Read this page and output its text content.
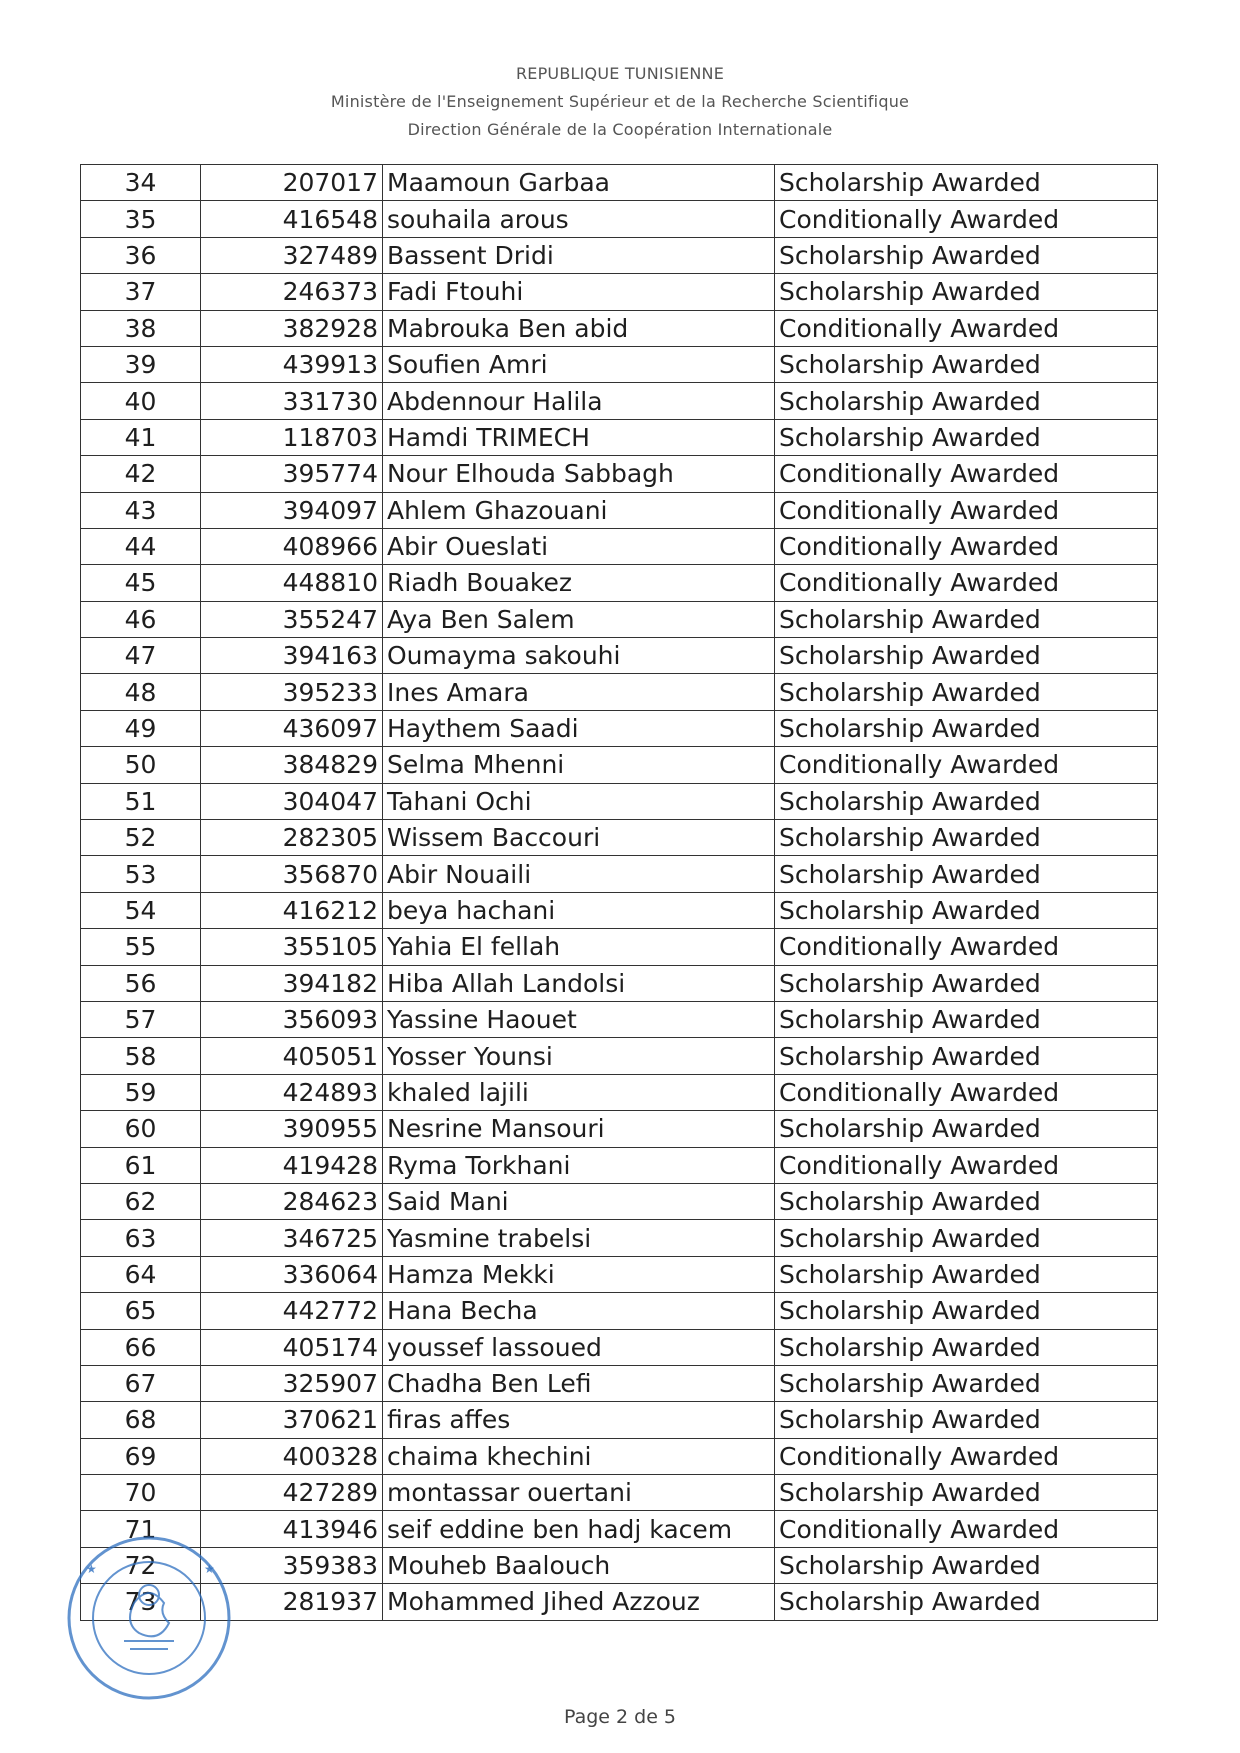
REPUBLIQUE TUNISIENNE
Ministère de l'Enseignement Supérieur et de la Recherche Scientifique
Direction Générale de la Coopération Internationale
34	207017	Maamoun Garbaa	Scholarship Awarded
35	416548	souhaila arous	Conditionally Awarded
36	327489	Bassent Dridi	Scholarship Awarded
37	246373	Fadi Ftouhi	Scholarship Awarded
38	382928	Mabrouka Ben abid	Conditionally Awarded
39	439913	Soufien Amri	Scholarship Awarded
40	331730	Abdennour Halila	Scholarship Awarded
41	118703	Hamdi TRIMECH	Scholarship Awarded
42	395774	Nour Elhouda Sabbagh	Conditionally Awarded
43	394097	Ahlem Ghazouani	Conditionally Awarded
44	408966	Abir Oueslati	Conditionally Awarded
45	448810	Riadh Bouakez	Conditionally Awarded
46	355247	Aya Ben Salem	Scholarship Awarded
47	394163	Oumayma sakouhi	Scholarship Awarded
48	395233	Ines Amara	Scholarship Awarded
49	436097	Haythem Saadi	Scholarship Awarded
50	384829	Selma Mhenni	Conditionally Awarded
51	304047	Tahani Ochi	Scholarship Awarded
52	282305	Wissem Baccouri	Scholarship Awarded
53	356870	Abir Nouaili	Scholarship Awarded
54	416212	beya hachani	Scholarship Awarded
55	355105	Yahia El fellah	Conditionally Awarded
56	394182	Hiba Allah Landolsi	Scholarship Awarded
57	356093	Yassine Haouet	Scholarship Awarded
58	405051	Yosser Younsi	Scholarship Awarded
59	424893	khaled lajili	Conditionally Awarded
60	390955	Nesrine Mansouri	Scholarship Awarded
61	419428	Ryma Torkhani	Conditionally Awarded
62	284623	Said Mani	Scholarship Awarded
63	346725	Yasmine trabelsi	Scholarship Awarded
64	336064	Hamza Mekki	Scholarship Awarded
65	442772	Hana Becha	Scholarship Awarded
66	405174	youssef lassoued	Scholarship Awarded
67	325907	Chadha Ben Lefi	Scholarship Awarded
68	370621	firas affes	Scholarship Awarded
69	400328	chaima khechini	Conditionally Awarded
70	427289	montassar ouertani	Scholarship Awarded
71	413946	seif eddine ben hadj kacem	Conditionally Awarded
72	359383	Mouheb Baalouch	Scholarship Awarded
73	281937	Mohammed Jihed Azzouz	Scholarship Awarded
★	★
Page 2 de 5
